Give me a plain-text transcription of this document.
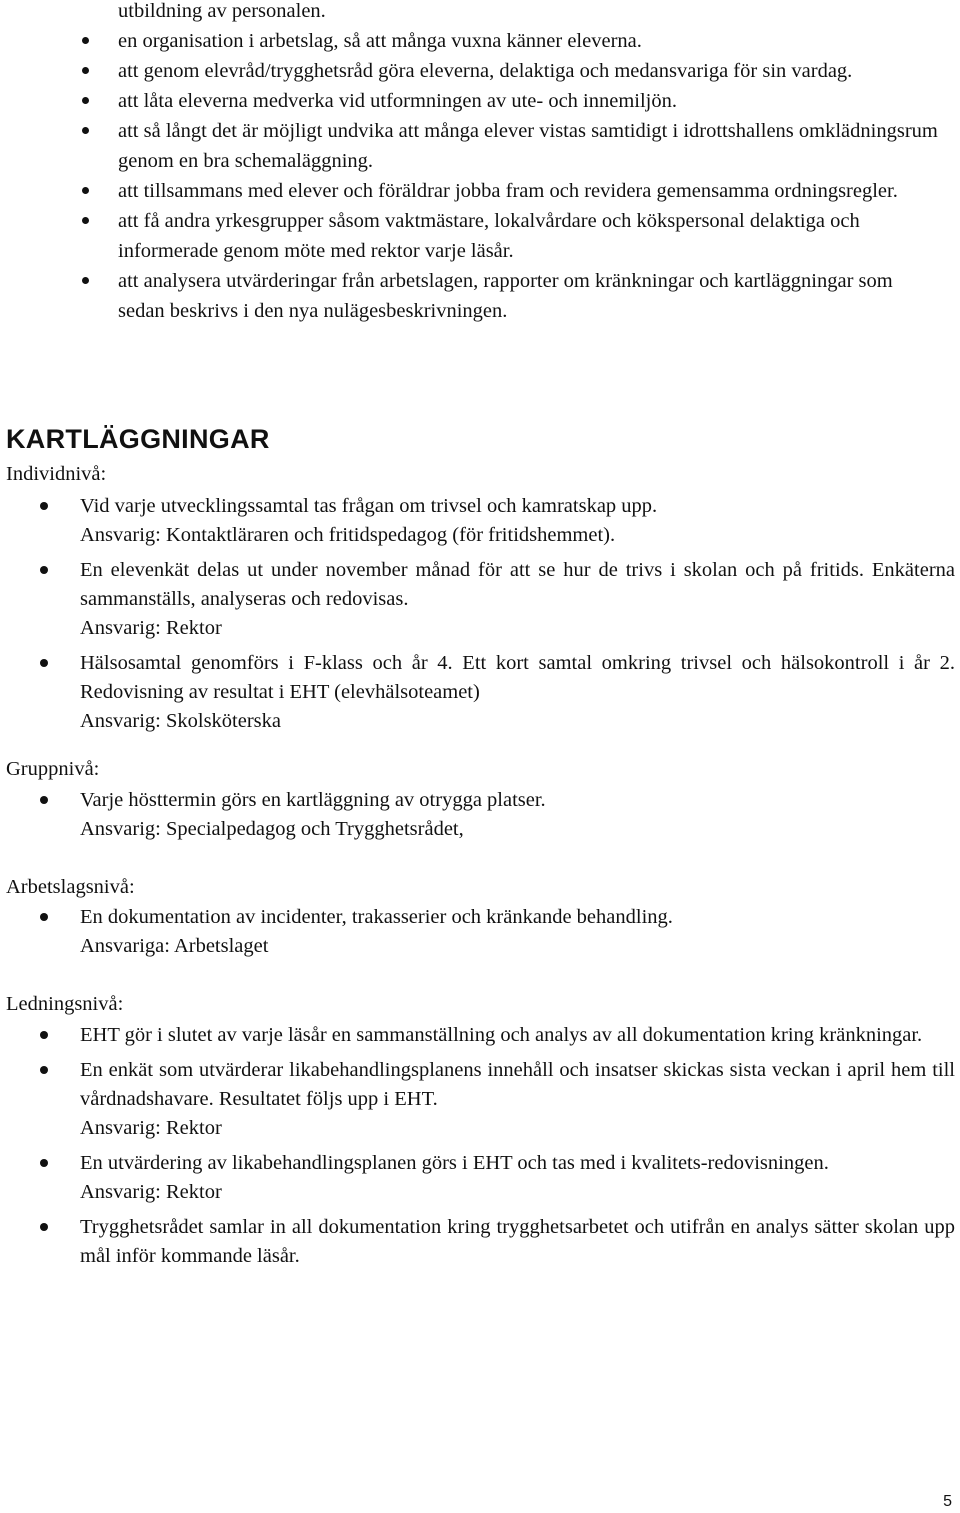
utbildning av personalen.
en organisation i arbetslag, så att många vuxna känner eleverna.
att genom elevråd/trygghetsråd göra eleverna, delaktiga och medansvariga för sin vardag.
att låta eleverna medverka vid utformningen av ute- och innemiljön.
att så långt det är möjligt undvika att många elever vistas samtidigt i idrottshallens omklädningsrum genom en bra schemaläggning.
att tillsammans med elever och föräldrar jobba fram och revidera gemensamma ordningsregler.
att få andra yrkesgrupper såsom vaktmästare, lokalvårdare och kökspersonal delaktiga och informerade genom möte med rektor varje läsår.
att analysera utvärderingar från arbetslagen, rapporter om kränkningar och kartläggningar som sedan beskrivs i den nya nulägesbeskrivningen.
KARTLÄGGNINGAR
Individnivå:
Vid varje utvecklingssamtal tas frågan om trivsel och kamratskap upp.
Ansvarig: Kontaktläraren och fritidspedagog (för fritidshemmet).
En elevenkät delas ut under november månad för att se hur de trivs i skolan och på fritids. Enkäterna sammanställs, analyseras och redovisas.
Ansvarig: Rektor
Hälsosamtal genomförs i F-klass och år 4. Ett kort samtal omkring trivsel och hälsokontroll i år 2. Redovisning av resultat i EHT (elevhälsoteamet)
Ansvarig: Skolsköterska
Gruppnivå:
Varje hösttermin görs en kartläggning av otrygga platser.
Ansvarig: Specialpedagog och Trygghetsrådet,
Arbetslagsnivå:
En dokumentation av incidenter, trakasserier och kränkande behandling.
Ansvariga: Arbetslaget
Ledningsnivå:
EHT gör i slutet av varje läsår en sammanställning och analys av all dokumentation kring kränkningar.
En enkät som utvärderar likabehandlingsplanens innehåll och insatser skickas sista veckan i april hem till vårdnadshavare. Resultatet följs upp i EHT.
Ansvarig: Rektor
En utvärdering av likabehandlingsplanen görs i EHT och tas med i kvalitets-redovisningen.
Ansvarig: Rektor
Trygghetsrådet samlar in all dokumentation kring trygghetsarbetet och utifrån en analys sätter skolan upp mål inför kommande läsår.
5
